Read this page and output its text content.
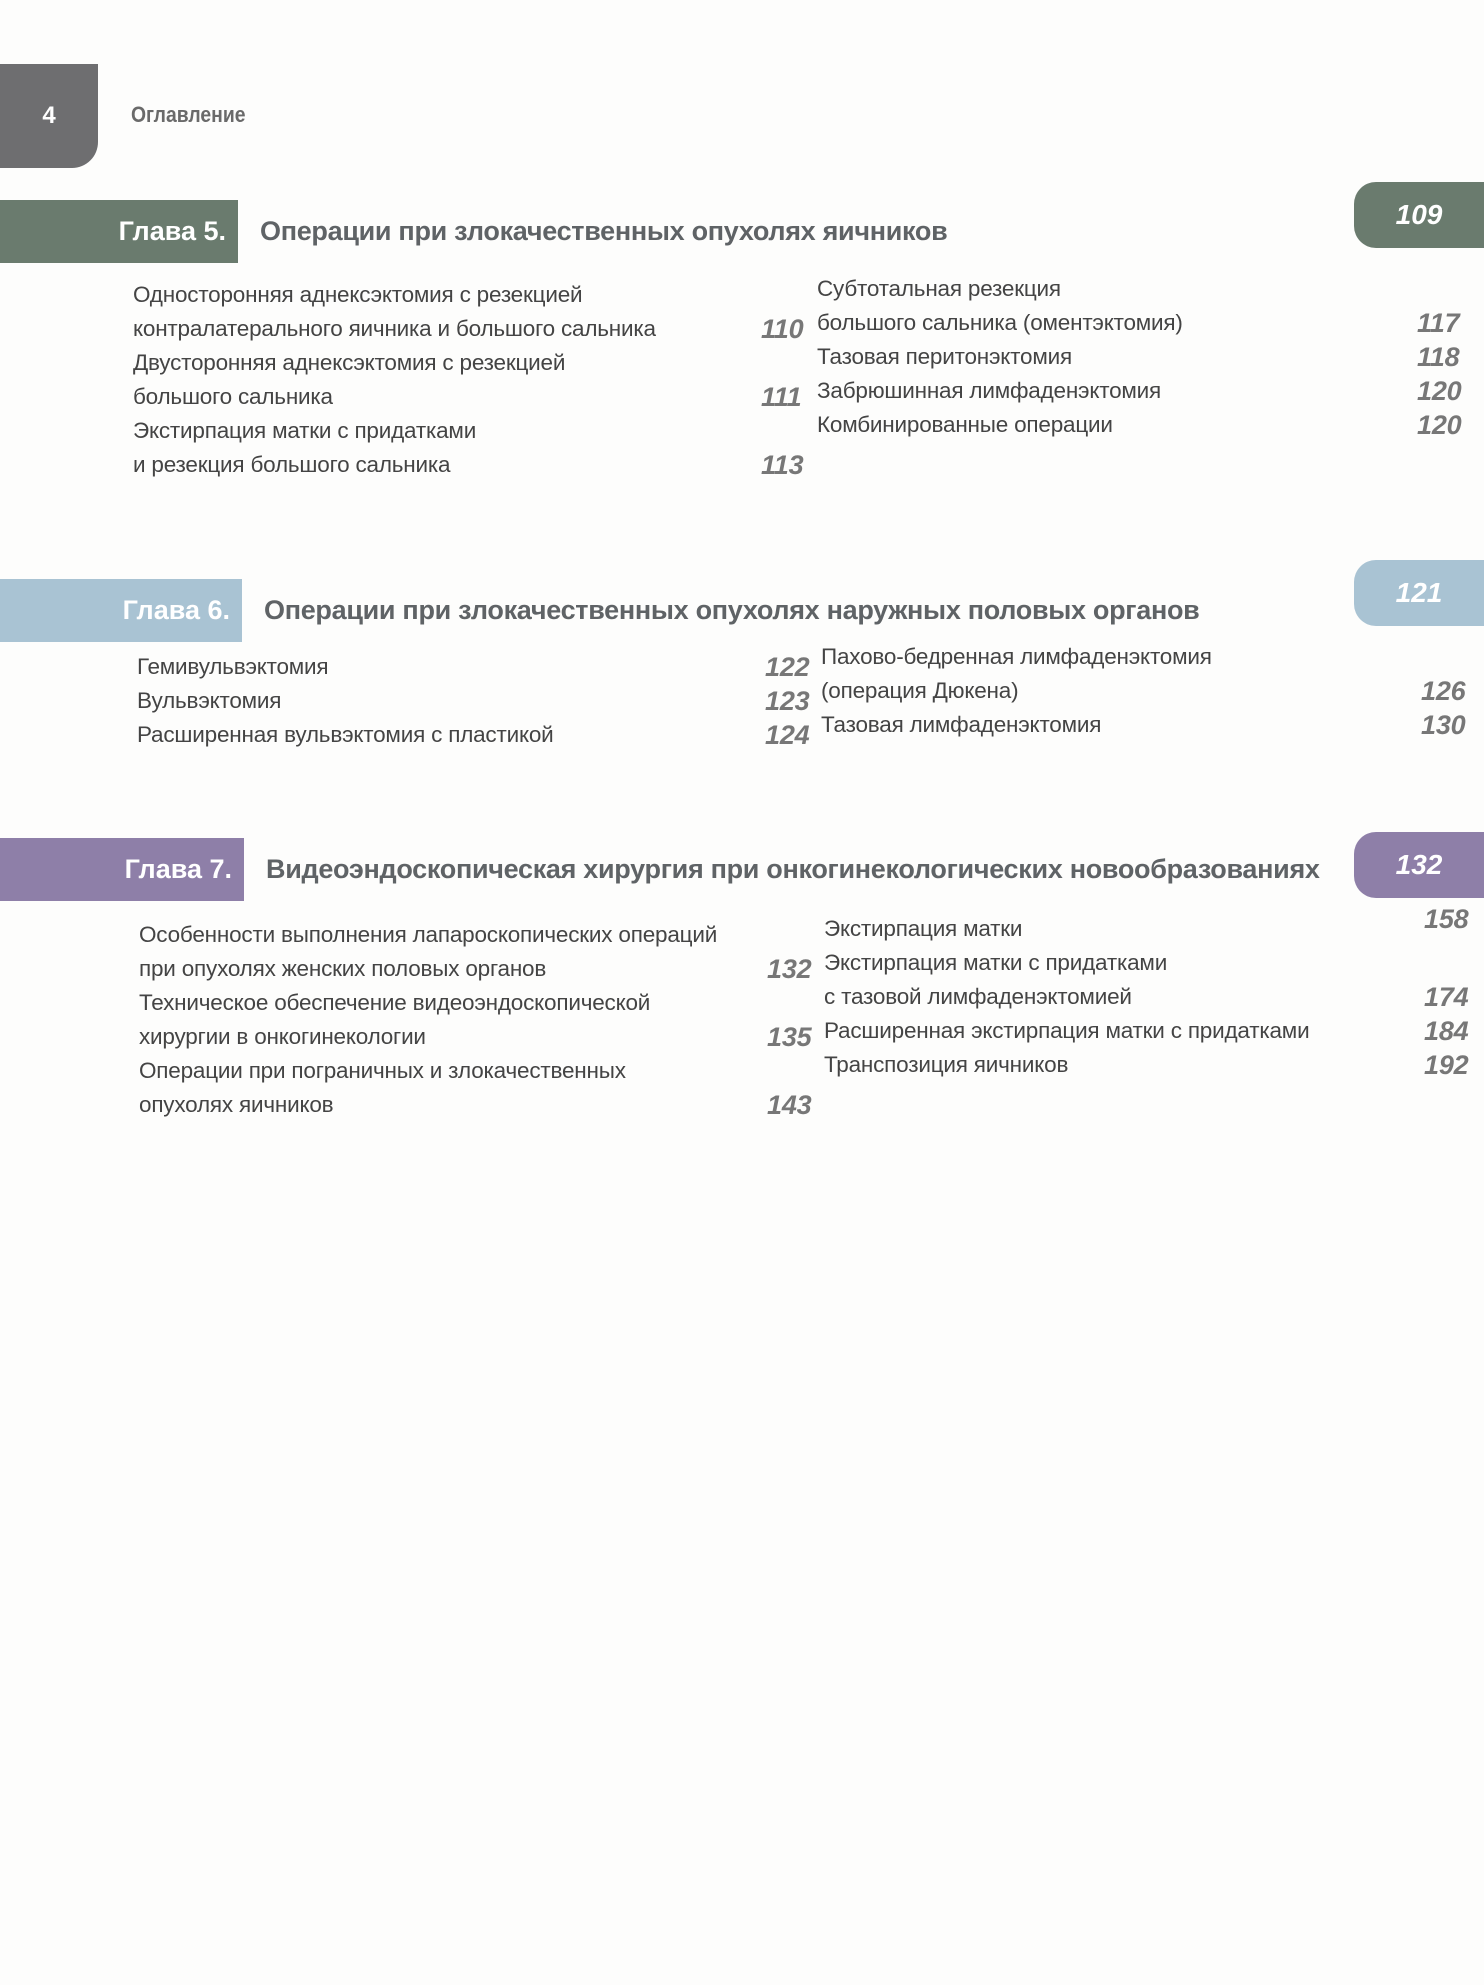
4	Оглавление
Глава 5.	Операции при злокачественных опухолях яичников
109
Односторонняя аднексэктомия с резекцией
контралатерального яичника и большого сальника	110
Двусторонняя аднексэктомия с резекцией
большого сальника	111
Экстирпация матки с придатками
и резекция большого сальника	113
Субтотальная резекция
большого сальника (оментэктомия)	117
Тазовая перитонэктомия	118
Забрюшинная лимфаденэктомия	120
Комбинированные операции	120
Глава 6.	Операции при злокачественных опухолях наружных половых органов
121
Гемивульвэктомия	122
Вульвэктомия	123
Расширенная вульвэктомия с пластикой	124
Пахово-бедренная лимфаденэктомия
(операция Дюкена)	126
Тазовая лимфаденэктомия	130
Глава 7.	Видеоэндоскопическая хирургия при онкогинекологических новообразованиях	132
Особенности выполнения лапароскопических операций
при опухолях женских половых органов	132
Техническое обеспечение видеоэндоскопической
хирургии в онкогинекологии	135
Операции при пограничных и злокачественных
опухолях яичников	143
Экстирпация матки	158
Экстирпация матки с придатками
с тазовой лимфаденэктомией	174
Расширенная экстирпация матки с придатками	184
Транспозиция яичников	192
